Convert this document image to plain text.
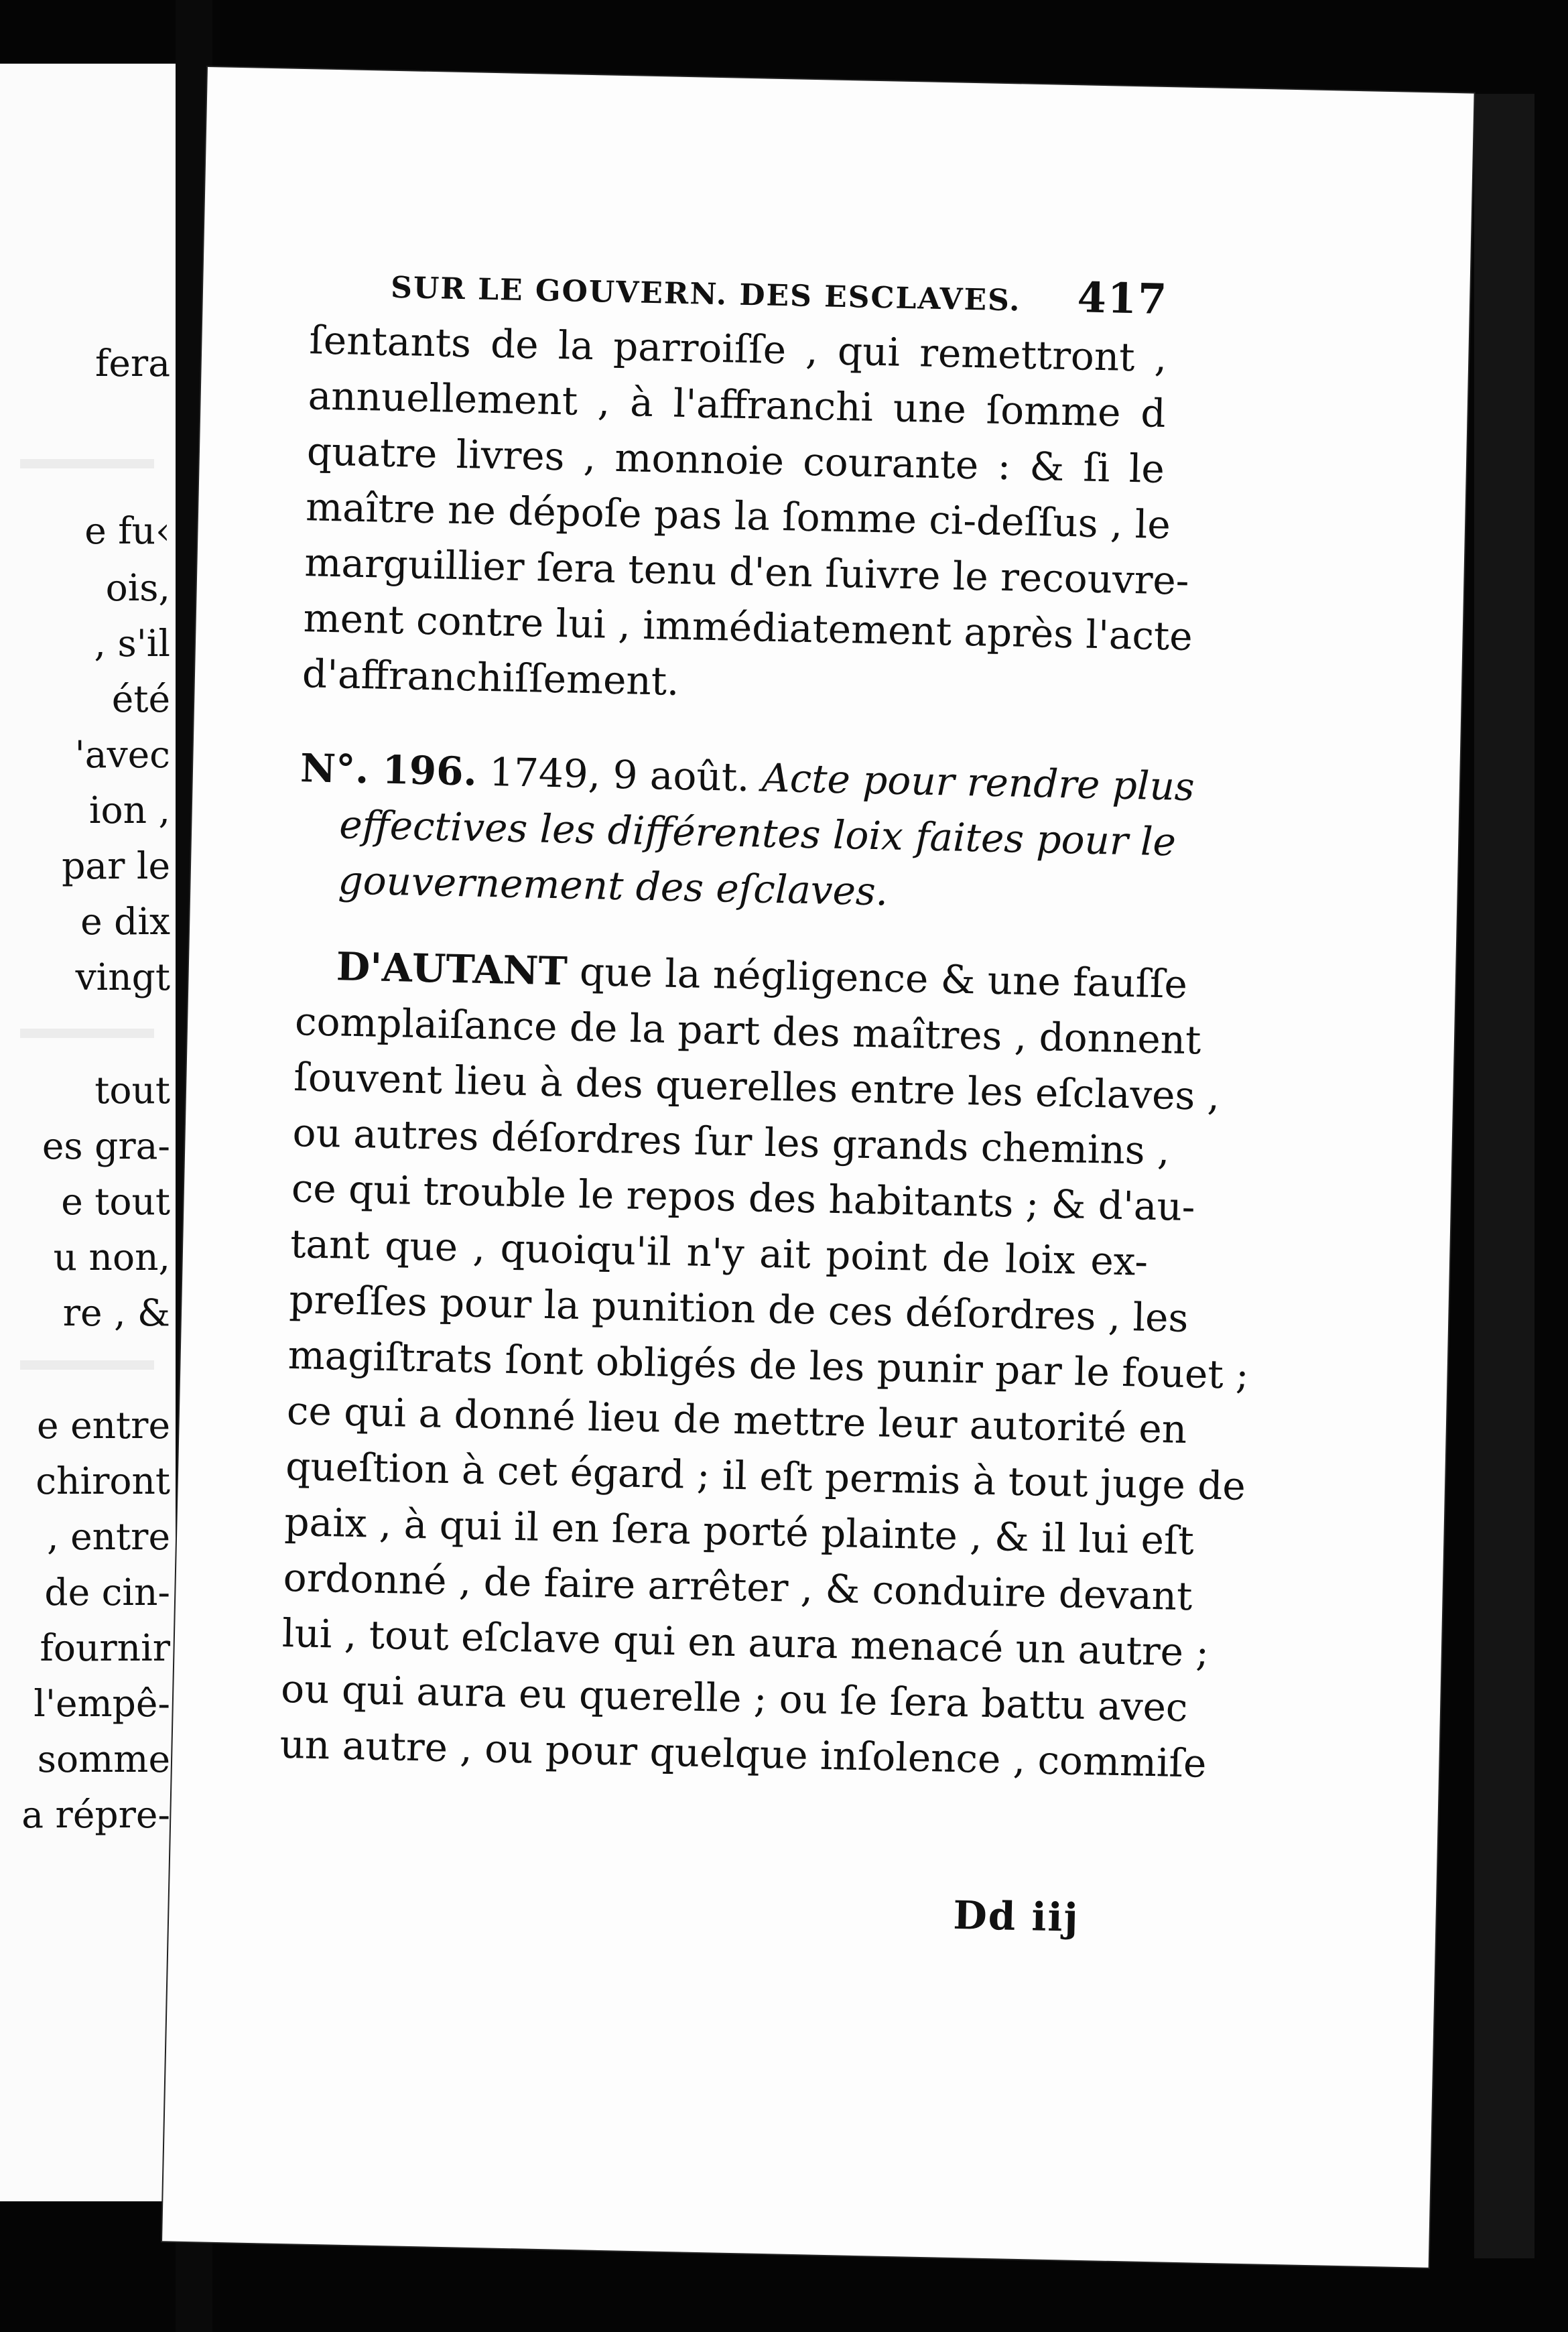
fera
e fu‹
ois,
, s'il
été
'avec
ion ,
par le
e dix
vingt
tout
es gra-
e tout
u non,
re , &
e entre
chiront
, entre
de cin-
fournir
l'empê-
somme
a répre-
SUR LE GOUVERN. DES ESCLAVES. 417
ſentants de la parroiſſe , qui remettront ,
annuellement , à l'affranchi une ſomme d
quatre livres , monnoie courante : & ſi le
maître ne dépoſe pas la ſomme ci-deſſus , le
marguillier ſera tenu d'en ſuivre le recouvre-
ment contre lui , immédiatement après l'acte
d'affranchiſſement.
N°. 196. 1749, 9 août. Acte pour rendre plus
effectives les différentes loix faites pour le
gouvernement des eſclaves.
D'AUTANT que la négligence & une fauſſe
complaiſance de la part des maîtres , donnent
ſouvent lieu à des querelles entre les eſclaves ,
ou autres déſordres ſur les grands chemins ,
ce qui trouble le repos des habitants ; & d'au-
tant que , quoiqu'il n'y ait point de loix ex-
preſſes pour la punition de ces déſordres , les
magiſtrats ſont obligés de les punir par le fouet ;
ce qui a donné lieu de mettre leur autorité en
queſtion à cet égard ; il eſt permis à tout juge de
paix , à qui il en ſera porté plainte , & il lui eſt
ordonné , de faire arrêter , & conduire devant
lui , tout eſclave qui en aura menacé un autre ;
ou qui aura eu querelle ; ou ſe ſera battu avec
un autre , ou pour quelque inſolence , commiſe
Dd iij
